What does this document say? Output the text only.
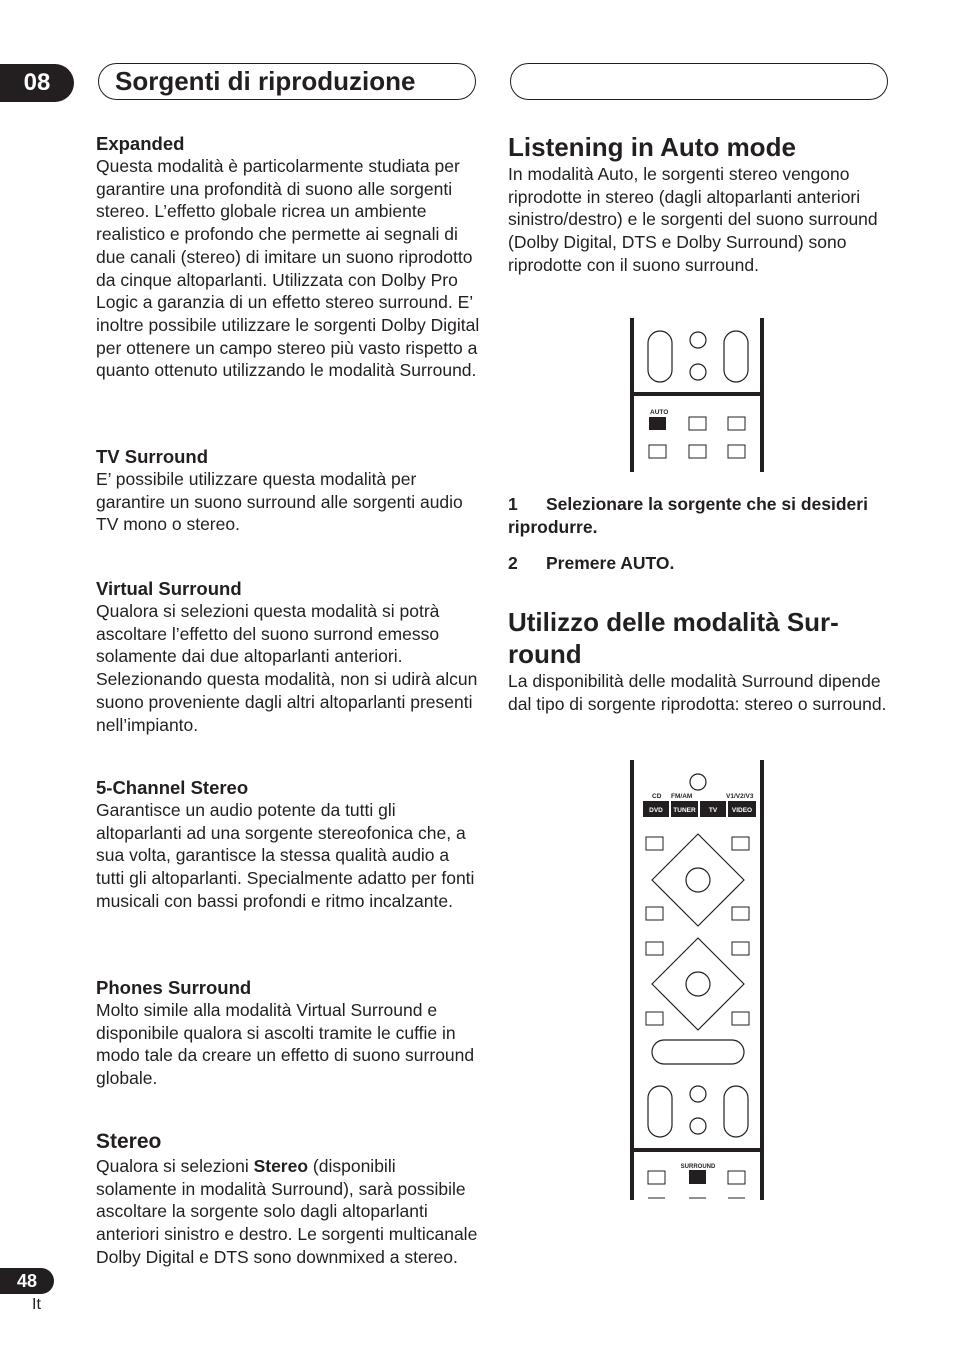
08	Sorgenti di riproduzione
Expanded

Questa modalità è particolarmente studiata per garantire una profondità di suono alle sorgenti stereo. L’effetto globale ricrea un ambiente realistico e profondo che permette ai segnali di due canali (stereo) di imitare un suono riprodotto da cinque altoparlanti. Utilizzata con Dolby Pro Logic a garanzia di un effetto stereo surround. E’ inoltre possibile utilizzare le sorgenti Dolby Digital per ottenere un campo stereo più vasto rispetto a quanto ottenuto utilizzando le modalità Surround.

TV Surround

E’ possibile utilizzare questa modalità per garantire un suono surround alle sorgenti audio TV mono o stereo.

Virtual Surround

Qualora si selezioni questa modalità si potrà ascoltare l’effetto del suono surrond emesso solamente dai due altoparlanti anteriori. Selezionando questa modalità, non si udirà alcun suono proveniente dagli altri altoparlanti presenti nell’impianto.

5-Channel Stereo

Garantisce un audio potente da tutti gli altoparlanti ad una sorgente stereofonica che, a sua volta, garantisce la stessa qualità audio a tutti gli altoparlanti. Specialmente adatto per fonti musicali con bassi profondi e ritmo incalzante.

Phones Surround

Molto simile alla modalità Virtual Surround e disponibile qualora si ascolti tramite le cuffie in modo tale da creare un effetto di suono surround globale.

Stereo

Qualora si selezioni Stereo (disponibili solamente in modalità Surround), sarà possibile ascoltare la sorgente solo dagli altoparlanti anteriori sinistro e destro. Le sorgenti multicanale Dolby Digital e DTS sono downmixed a stereo.

Listening in Auto mode

In modalità Auto, le sorgenti stereo vengono riprodotte in stereo (dagli altoparlanti anteriori sinistro/destro) e le sorgenti del suono surround (Dolby Digital, DTS e Dolby Surround) sono riprodotte con il suono surround.

AUTO

1 Selezionare la sorgente che si desideri riprodurre.

2 Premere AUTO.

Utilizzo delle modalità Sur-
round

La disponibilità delle modalità Surround dipende dal tipo di sorgente riprodotta: stereo o surround.

CD FM/AM	V1/V2/V3
DVD TUNER TV VIDEO
SURROUND
48
It
